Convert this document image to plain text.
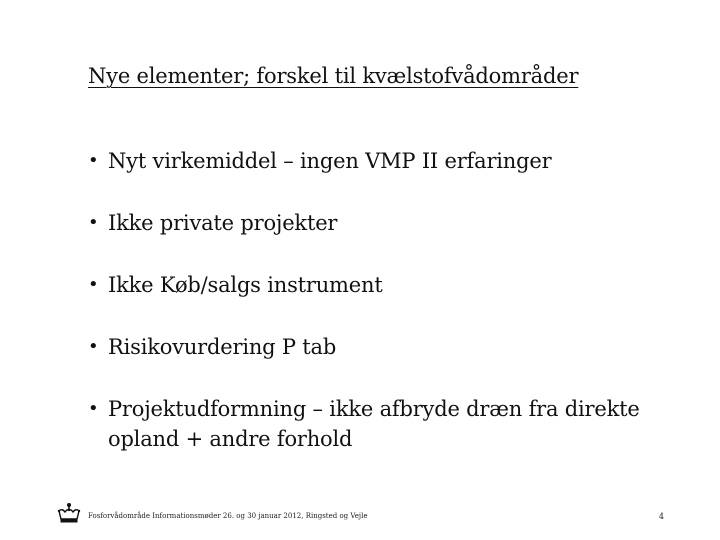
Nye elementer; forskel til kvælstofvådområder
• Nyt virkemiddel – ingen VMP II erfaringer
• Ikke private projekter
• Ikke Køb/salgs instrument
• Risikovurdering P tab
• Projektudformning – ikke afbryde dræn fra direkte opland + andre forhold
Fosforvådområde Informationsmøder 26. og 30 januar 2012, Ringsted og Vejle	4
